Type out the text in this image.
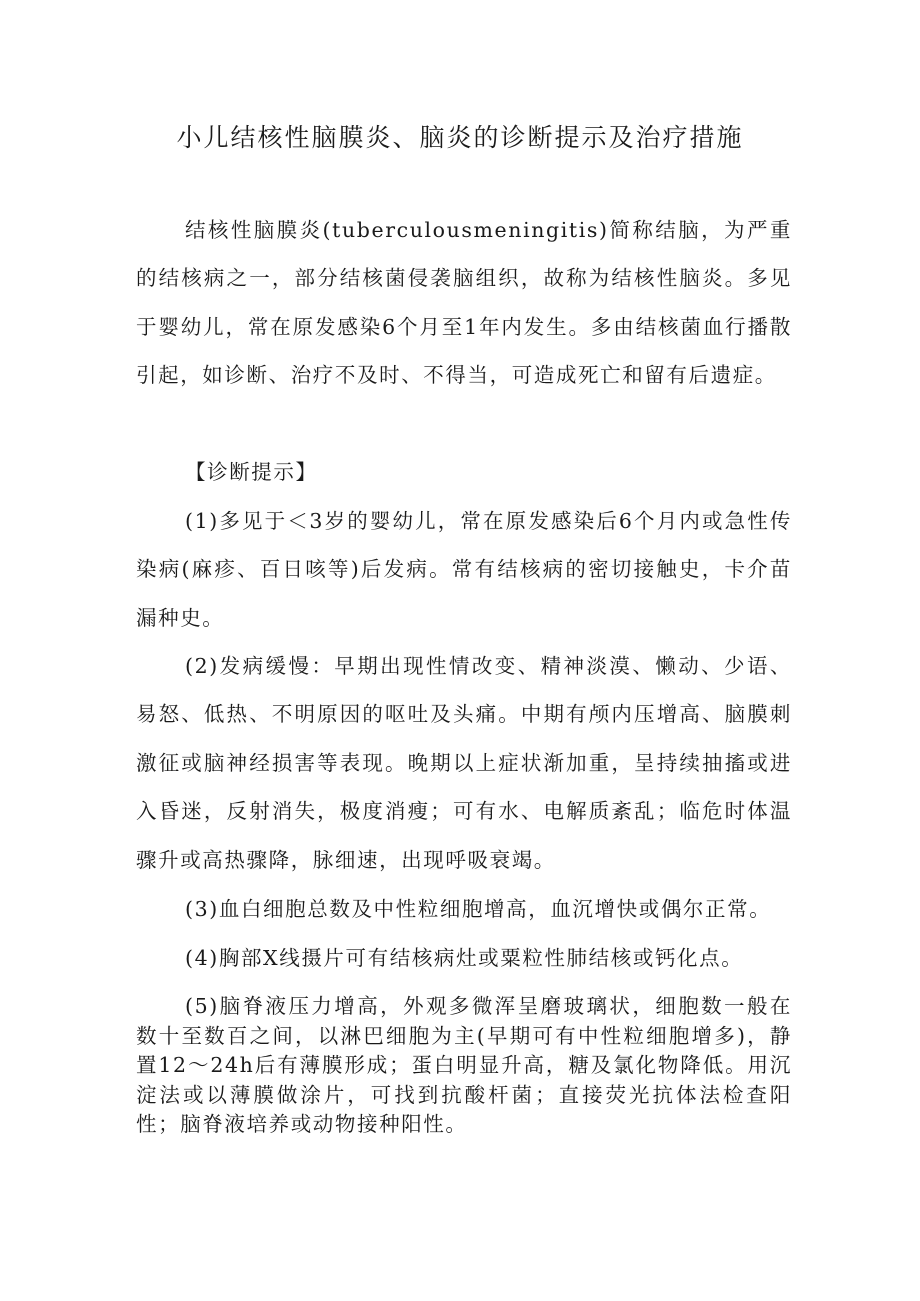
小儿结核性脑膜炎、脑炎的诊断提示及治疗措施

结核性脑膜炎(tuberculousmeningitis)简称结脑，为严重的结核病之一，部分结核菌侵袭脑组织，故称为结核性脑炎。多见于婴幼儿，常在原发感染6个月至1年内发生。多由结核菌血行播散引起，如诊断、治疗不及时、不得当，可造成死亡和留有后遗症。

【诊断提示】

(1)多见于＜3岁的婴幼儿，常在原发感染后6个月内或急性传染病(麻疹、百日咳等)后发病。常有结核病的密切接触史，卡介苗漏种史。

(2)发病缓慢：早期出现性情改变、精神淡漠、懒动、少语、易怒、低热、不明原因的呕吐及头痛。中期有颅内压增高、脑膜刺激征或脑神经损害等表现。晚期以上症状渐加重，呈持续抽搐或进入昏迷，反射消失，极度消瘦；可有水、电解质紊乱；临危时体温骤升或高热骤降，脉细速，出现呼吸衰竭。

(3)血白细胞总数及中性粒细胞增高，血沉增快或偶尔正常。

(4)胸部X线摄片可有结核病灶或粟粒性肺结核或钙化点。

(5)脑脊液压力增高，外观多微浑呈磨玻璃状，细胞数一般在数十至数百之间，以淋巴细胞为主(早期可有中性粒细胞增多)，静置12～24h后有薄膜形成；蛋白明显升高，糖及氯化物降低。用沉淀法或以薄膜做涂片，可找到抗酸杆菌；直接荧光抗体法检查阳性；脑脊液培养或动物接种阳性。
